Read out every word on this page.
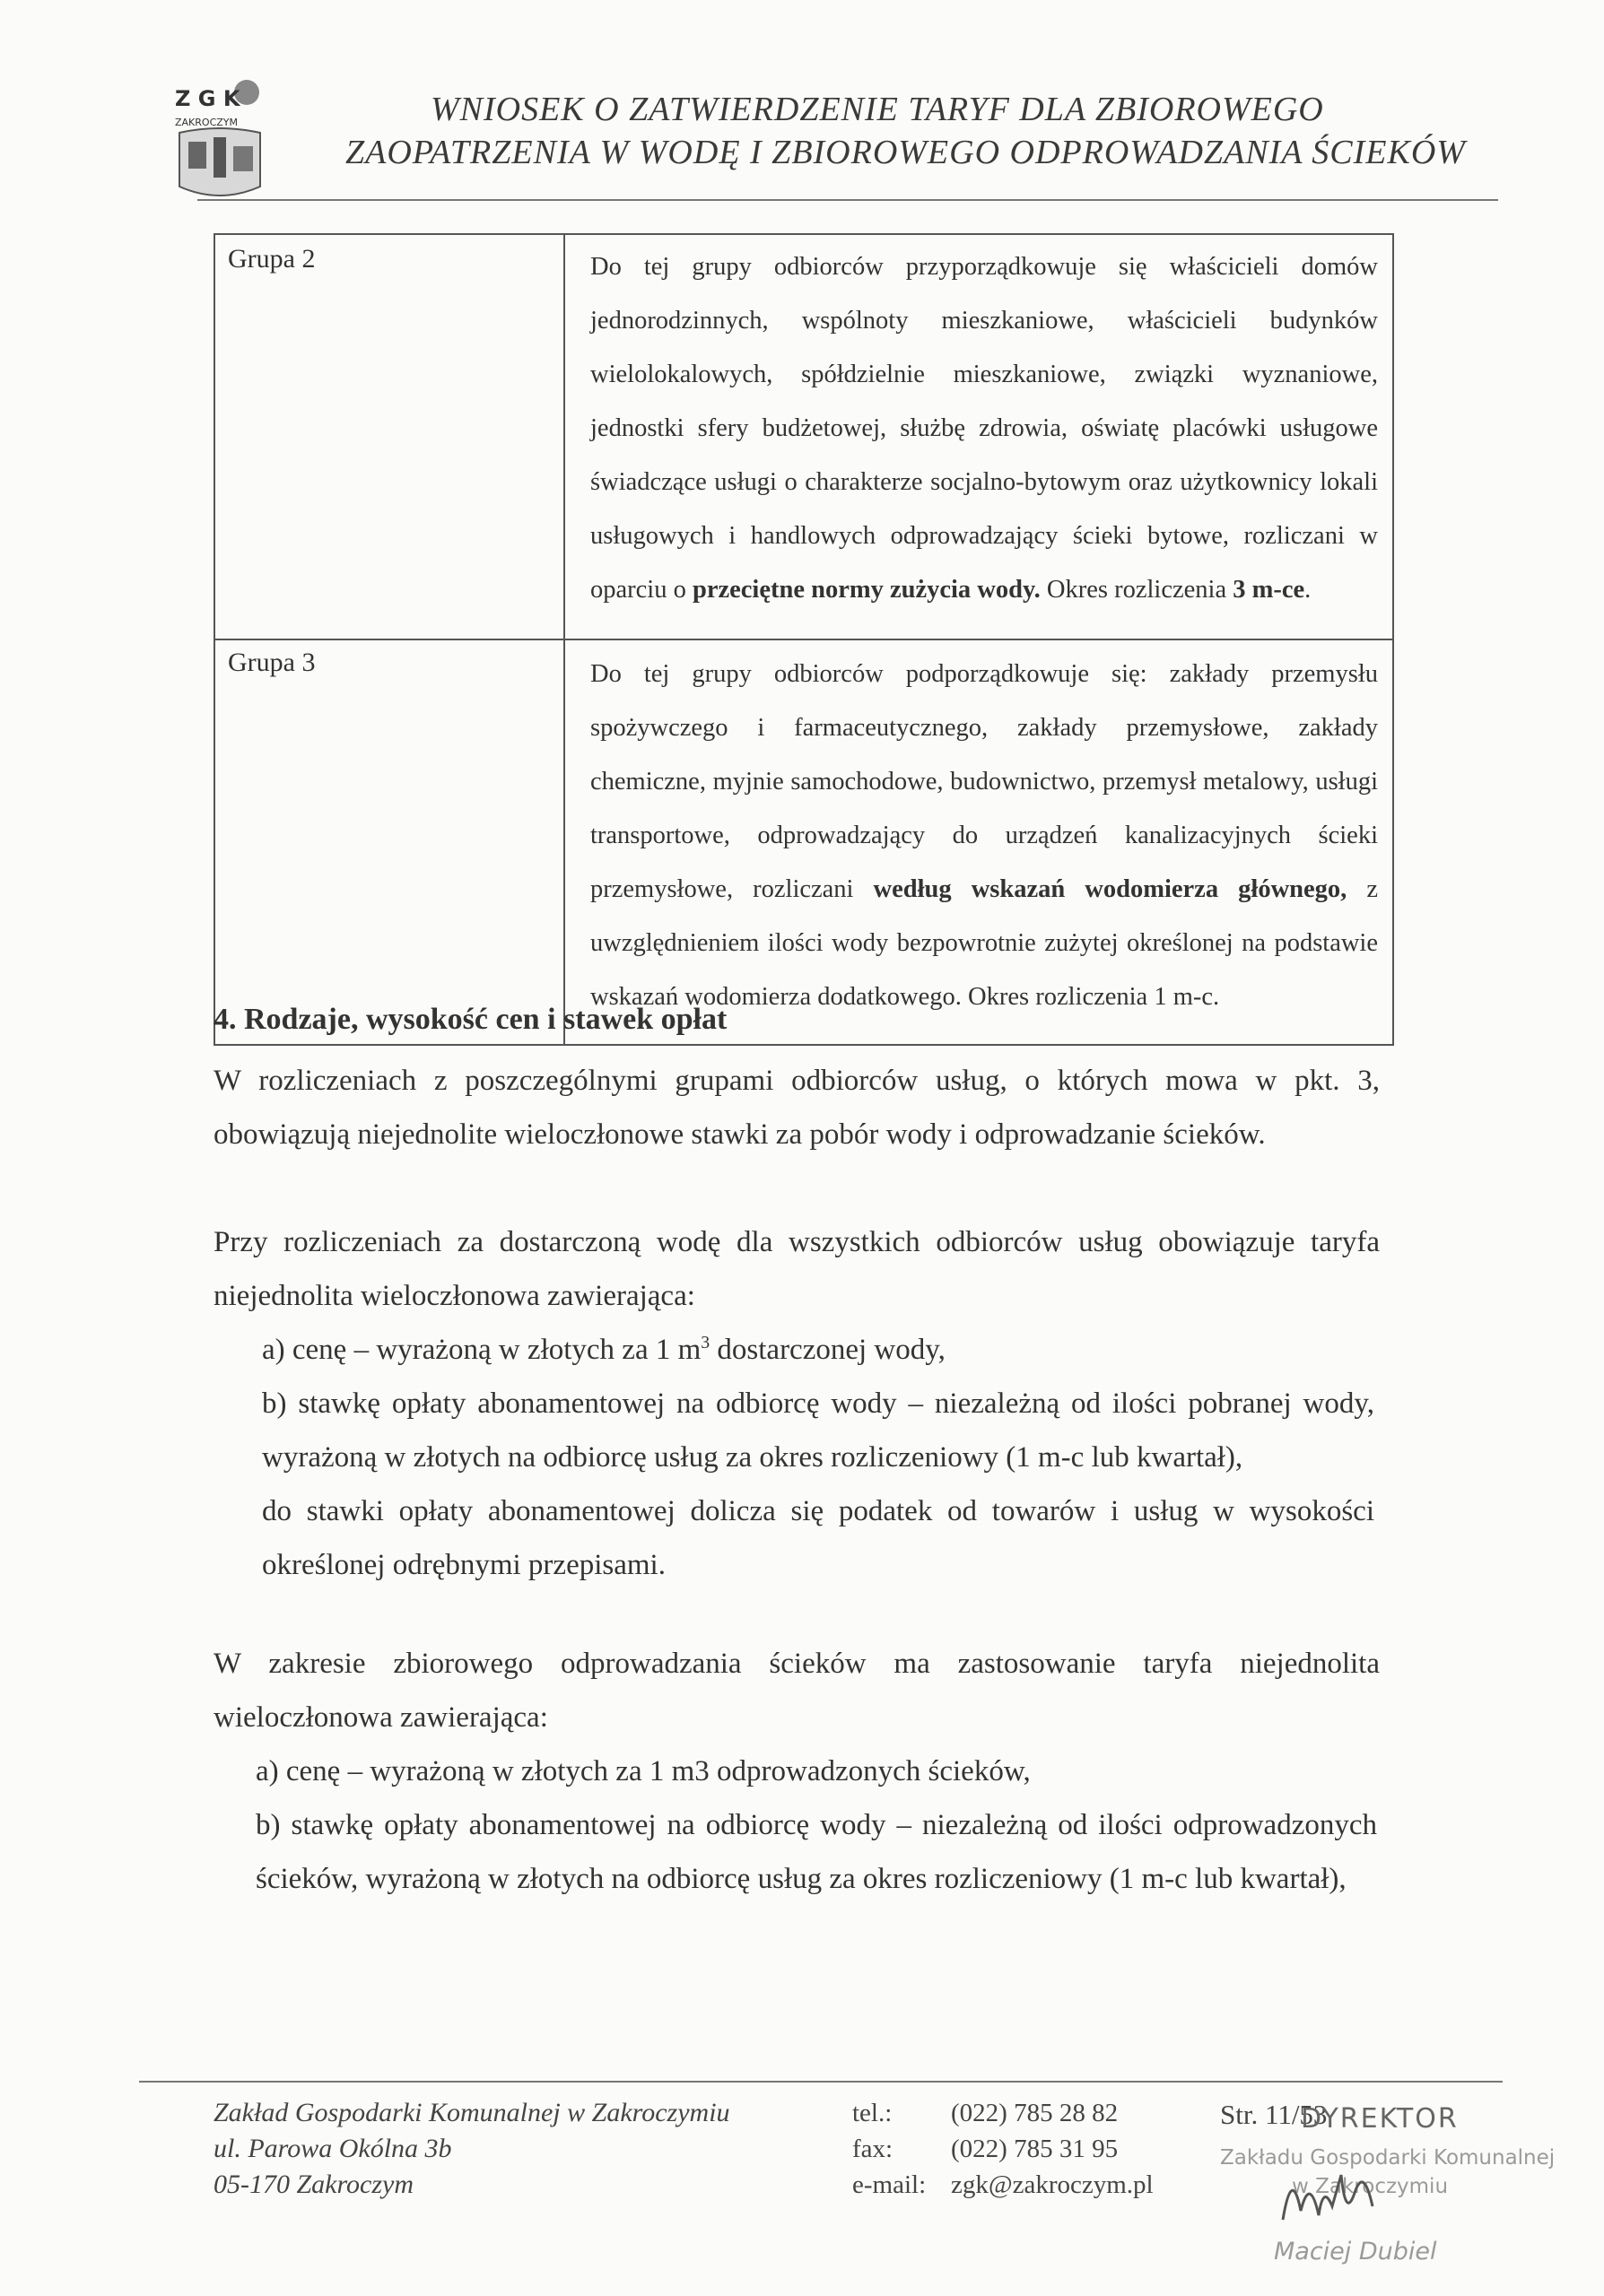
Z G K
ZAKROCZYM	WNIOSEK O ZATWIERDZENIE TARYF DLA ZBIOROWEGO
ZAOPATRZENIA W WODĘ I ZBIOROWEGO ODPROWADZANIA ŚCIEKÓW
Grupa 2	Do tej grupy odbiorców przyporządkowuje się właścicieli domów jednorodzinnych, wspólnoty mieszkaniowe, właścicieli budynków wielolokalowych, spółdzielnie mieszkaniowe, związki wyznaniowe, jednostki sfery budżetowej, służbę zdrowia, oświatę placówki usługowe świadczące usługi o charakterze socjalno-bytowym oraz użytkownicy lokali usługowych i handlowych odprowadzający ścieki bytowe, rozliczani w oparciu o przeciętne normy zużycia wody. Okres rozliczenia 3 m-ce.
Grupa 3	Do tej grupy odbiorców podporządkowuje się: zakłady przemysłu spożywczego i farmaceutycznego, zakłady przemysłowe, zakłady chemiczne, myjnie samochodowe, budownictwo, przemysł metalowy, usługi transportowe, odprowadzający do urządzeń kanalizacyjnych ścieki przemysłowe, rozliczani według wskazań wodomierza głównego, z uwzględnieniem ilości wody bezpowrotnie zużytej określonej na podstawie wskazań wodomierza dodatkowego. Okres rozliczenia 1 m-c.
4. Rodzaje, wysokość cen i stawek opłat

W rozliczeniach z poszczególnymi grupami odbiorców usług, o których mowa w pkt. 3, obowiązują niejednolite wieloczłonowe stawki za pobór wody i odprowadzanie ścieków.

Przy rozliczeniach za dostarczoną wodę dla wszystkich odbiorców usług obowiązuje taryfa niejednolita wieloczłonowa zawierająca:

a) cenę – wyrażoną w złotych za 1 $m^3$ dostarczonej wody,

b) stawkę opłaty abonamentowej na odbiorcę wody – niezależną od ilości pobranej wody, wyrażoną w złotych na odbiorcę usług za okres rozliczeniowy (1 m-c lub kwartał),

do stawki opłaty abonamentowej dolicza się podatek od towarów i usług w wysokości określonej odrębnymi przepisami.

W zakresie zbiorowego odprowadzania ścieków ma zastosowanie taryfa niejednolita wieloczłonowa zawierająca:

a) cenę – wyrażoną w złotych za 1 m3 odprowadzonych ścieków,

b) stawkę opłaty abonamentowej na odbiorcę wody – niezależną od ilości odprowadzonych ścieków, wyrażoną w złotych na odbiorcę usług za okres rozliczeniowy (1 m-c lub kwartał),

Zakład Gospodarki Komunalnej w Zakroczymiu
ul. Parowa Okólna 3b
05-170 Zakroczym
tel.: (022) 785 28 82
fax: (022) 785 31 95
e-mail: zgk@zakroczym.pl
Str. 11/53
DYREKTOR
Zakładu Gospodarki Komunalnej
w Zakroczymiu
Maciej Dubiel
